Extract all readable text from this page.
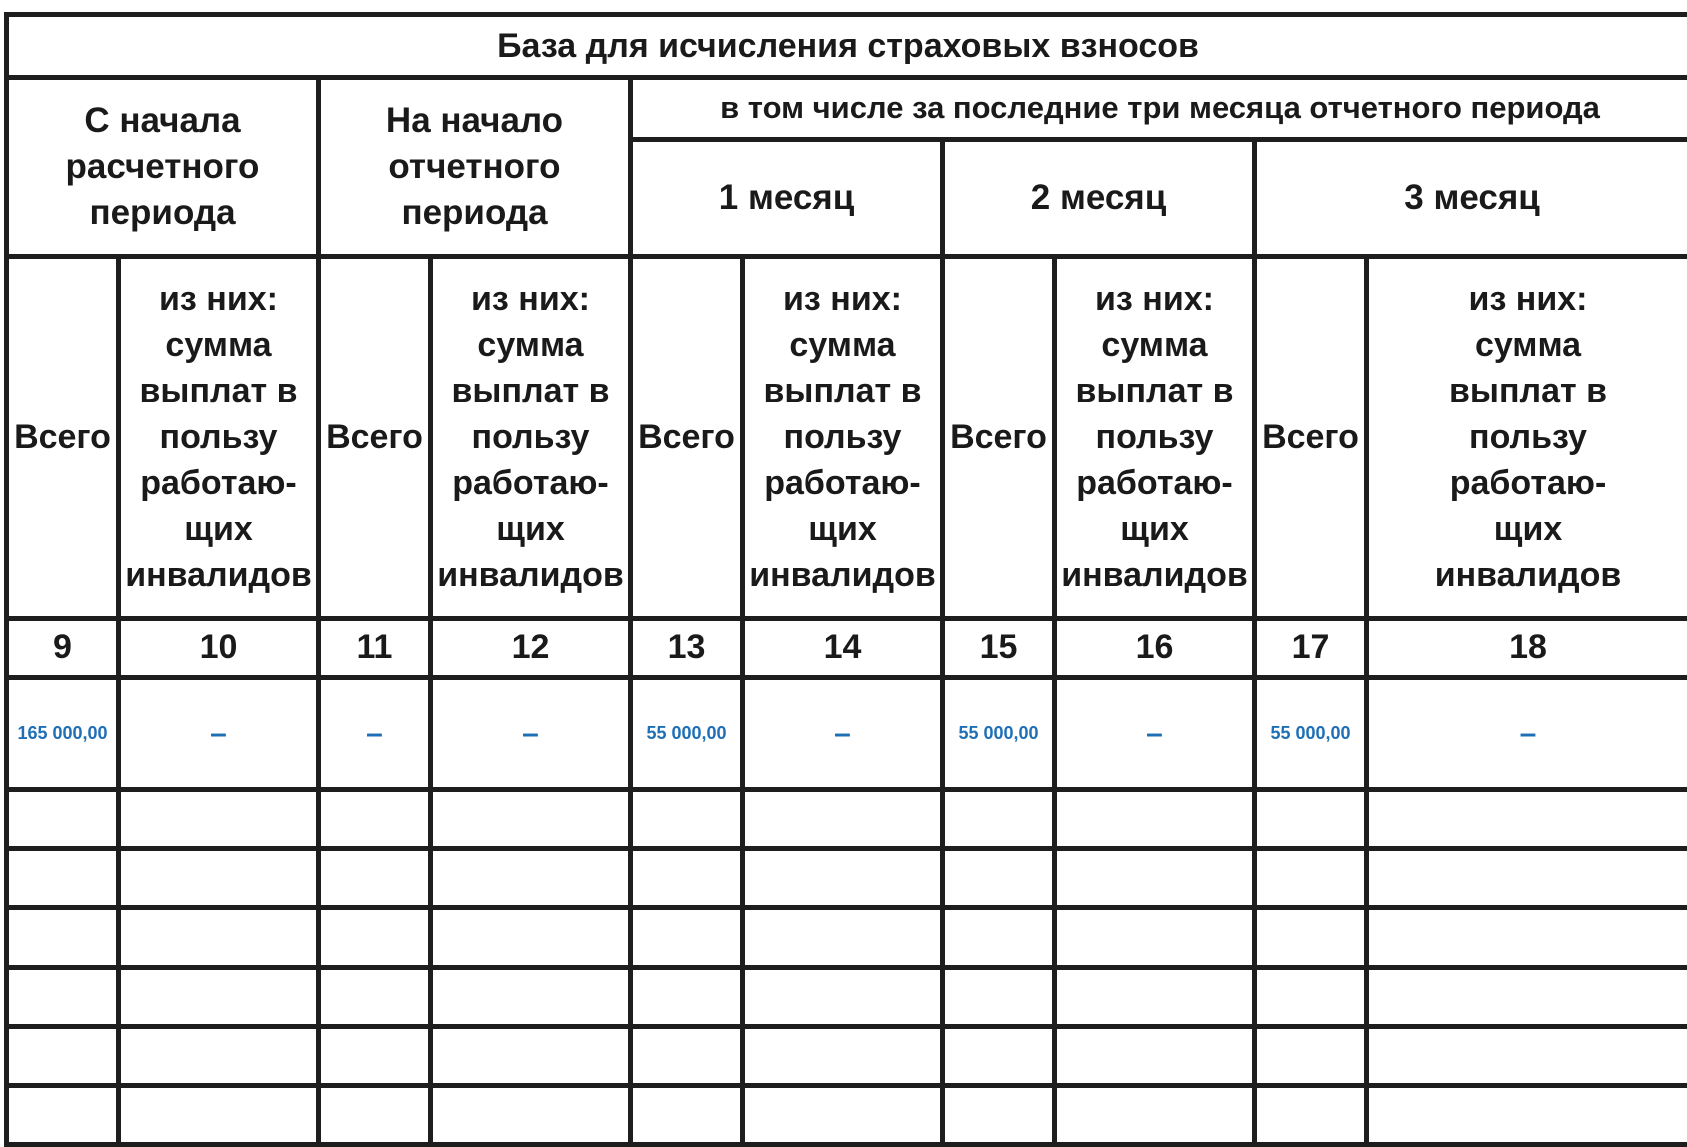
База для исчисления страховых взносов									

С начала расчетного периода		На начало отчетного периода		в том числе за последние три месяца отчетного периода					
				1 месяц		2 месяц		3 месяц	
Всего	из них: сумма выплат в пользу работаю-щих инвалидов	Всего	из них: сумма выплат в пользу работаю-щих инвалидов	Всего	из них: сумма выплат в пользу работаю-щих инвалидов	Всего	из них: сумма выплат в пользу работаю-щих инвалидов	Всего	из них: сумма выплат в пользу работаю-щих инвалидов

9	10	11	12	13	14	15	16	17	18
165 000,00	–	–	–	55 000,00	–	55 000,00	–	55 000,00	–
